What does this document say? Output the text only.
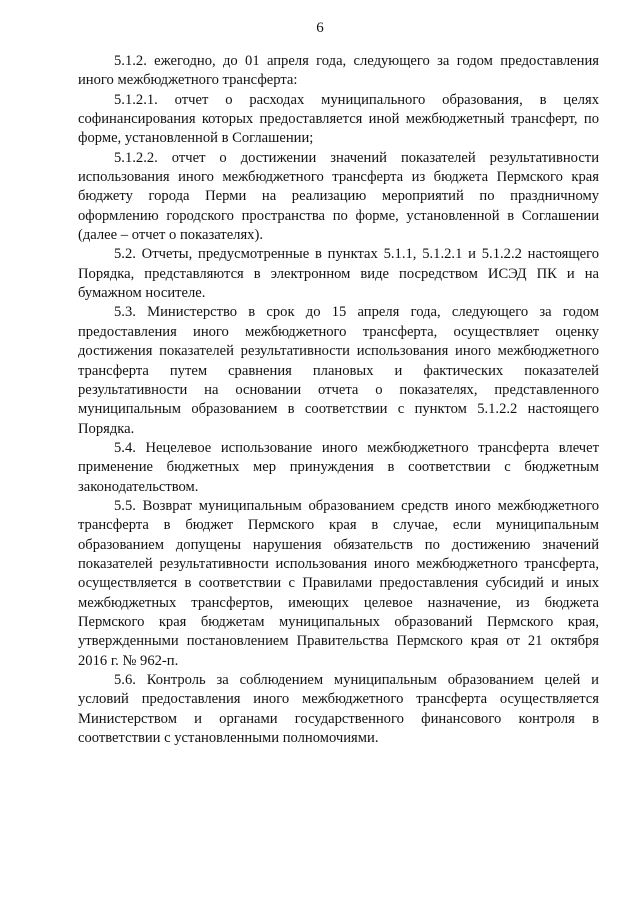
6

5.1.2. ежегодно, до 01 апреля года, следующего за годом предоставления иного межбюджетного трансферта:

5.1.2.1. отчет о расходах муниципального образования, в целях софинансирования которых предоставляется иной межбюджетный трансферт, по форме, установленной в Соглашении;

5.1.2.2. отчет о достижении значений показателей результативности использования иного межбюджетного трансферта из бюджета Пермского края бюджету города Перми на реализацию мероприятий по праздничному оформлению городского пространства по форме, установленной в Соглашении (далее – отчет о показателях).

5.2. Отчеты, предусмотренные в пунктах 5.1.1, 5.1.2.1 и 5.1.2.2 настоящего Порядка, представляются в электронном виде посредством ИСЭД ПК и на бумажном носителе.

5.3. Министерство в срок до 15 апреля года, следующего за годом предоставления иного межбюджетного трансферта, осуществляет оценку достижения показателей результативности использования иного межбюджетного трансферта путем сравнения плановых и фактических показателей результативности на основании отчета о показателях, представленного муниципальным образованием в соответствии с пунктом 5.1.2.2 настоящего Порядка.

5.4. Нецелевое использование иного межбюджетного трансферта влечет применение бюджетных мер принуждения в соответствии с бюджетным законодательством.

5.5. Возврат муниципальным образованием средств иного межбюджетного трансферта в бюджет Пермского края в случае, если муниципальным образованием допущены нарушения обязательств по достижению значений показателей результативности использования иного межбюджетного трансферта, осуществляется в соответствии с Правилами предоставления субсидий и иных межбюджетных трансфертов, имеющих целевое назначение, из бюджета Пермского края бюджетам муниципальных образований Пермского края, утвержденными постановлением Правительства Пермского края от 21 октября 2016 г. № 962-п.

5.6. Контроль за соблюдением муниципальным образованием целей и условий предоставления иного межбюджетного трансферта осуществляется Министерством и органами государственного финансового контроля в соответствии с установленными полномочиями.
